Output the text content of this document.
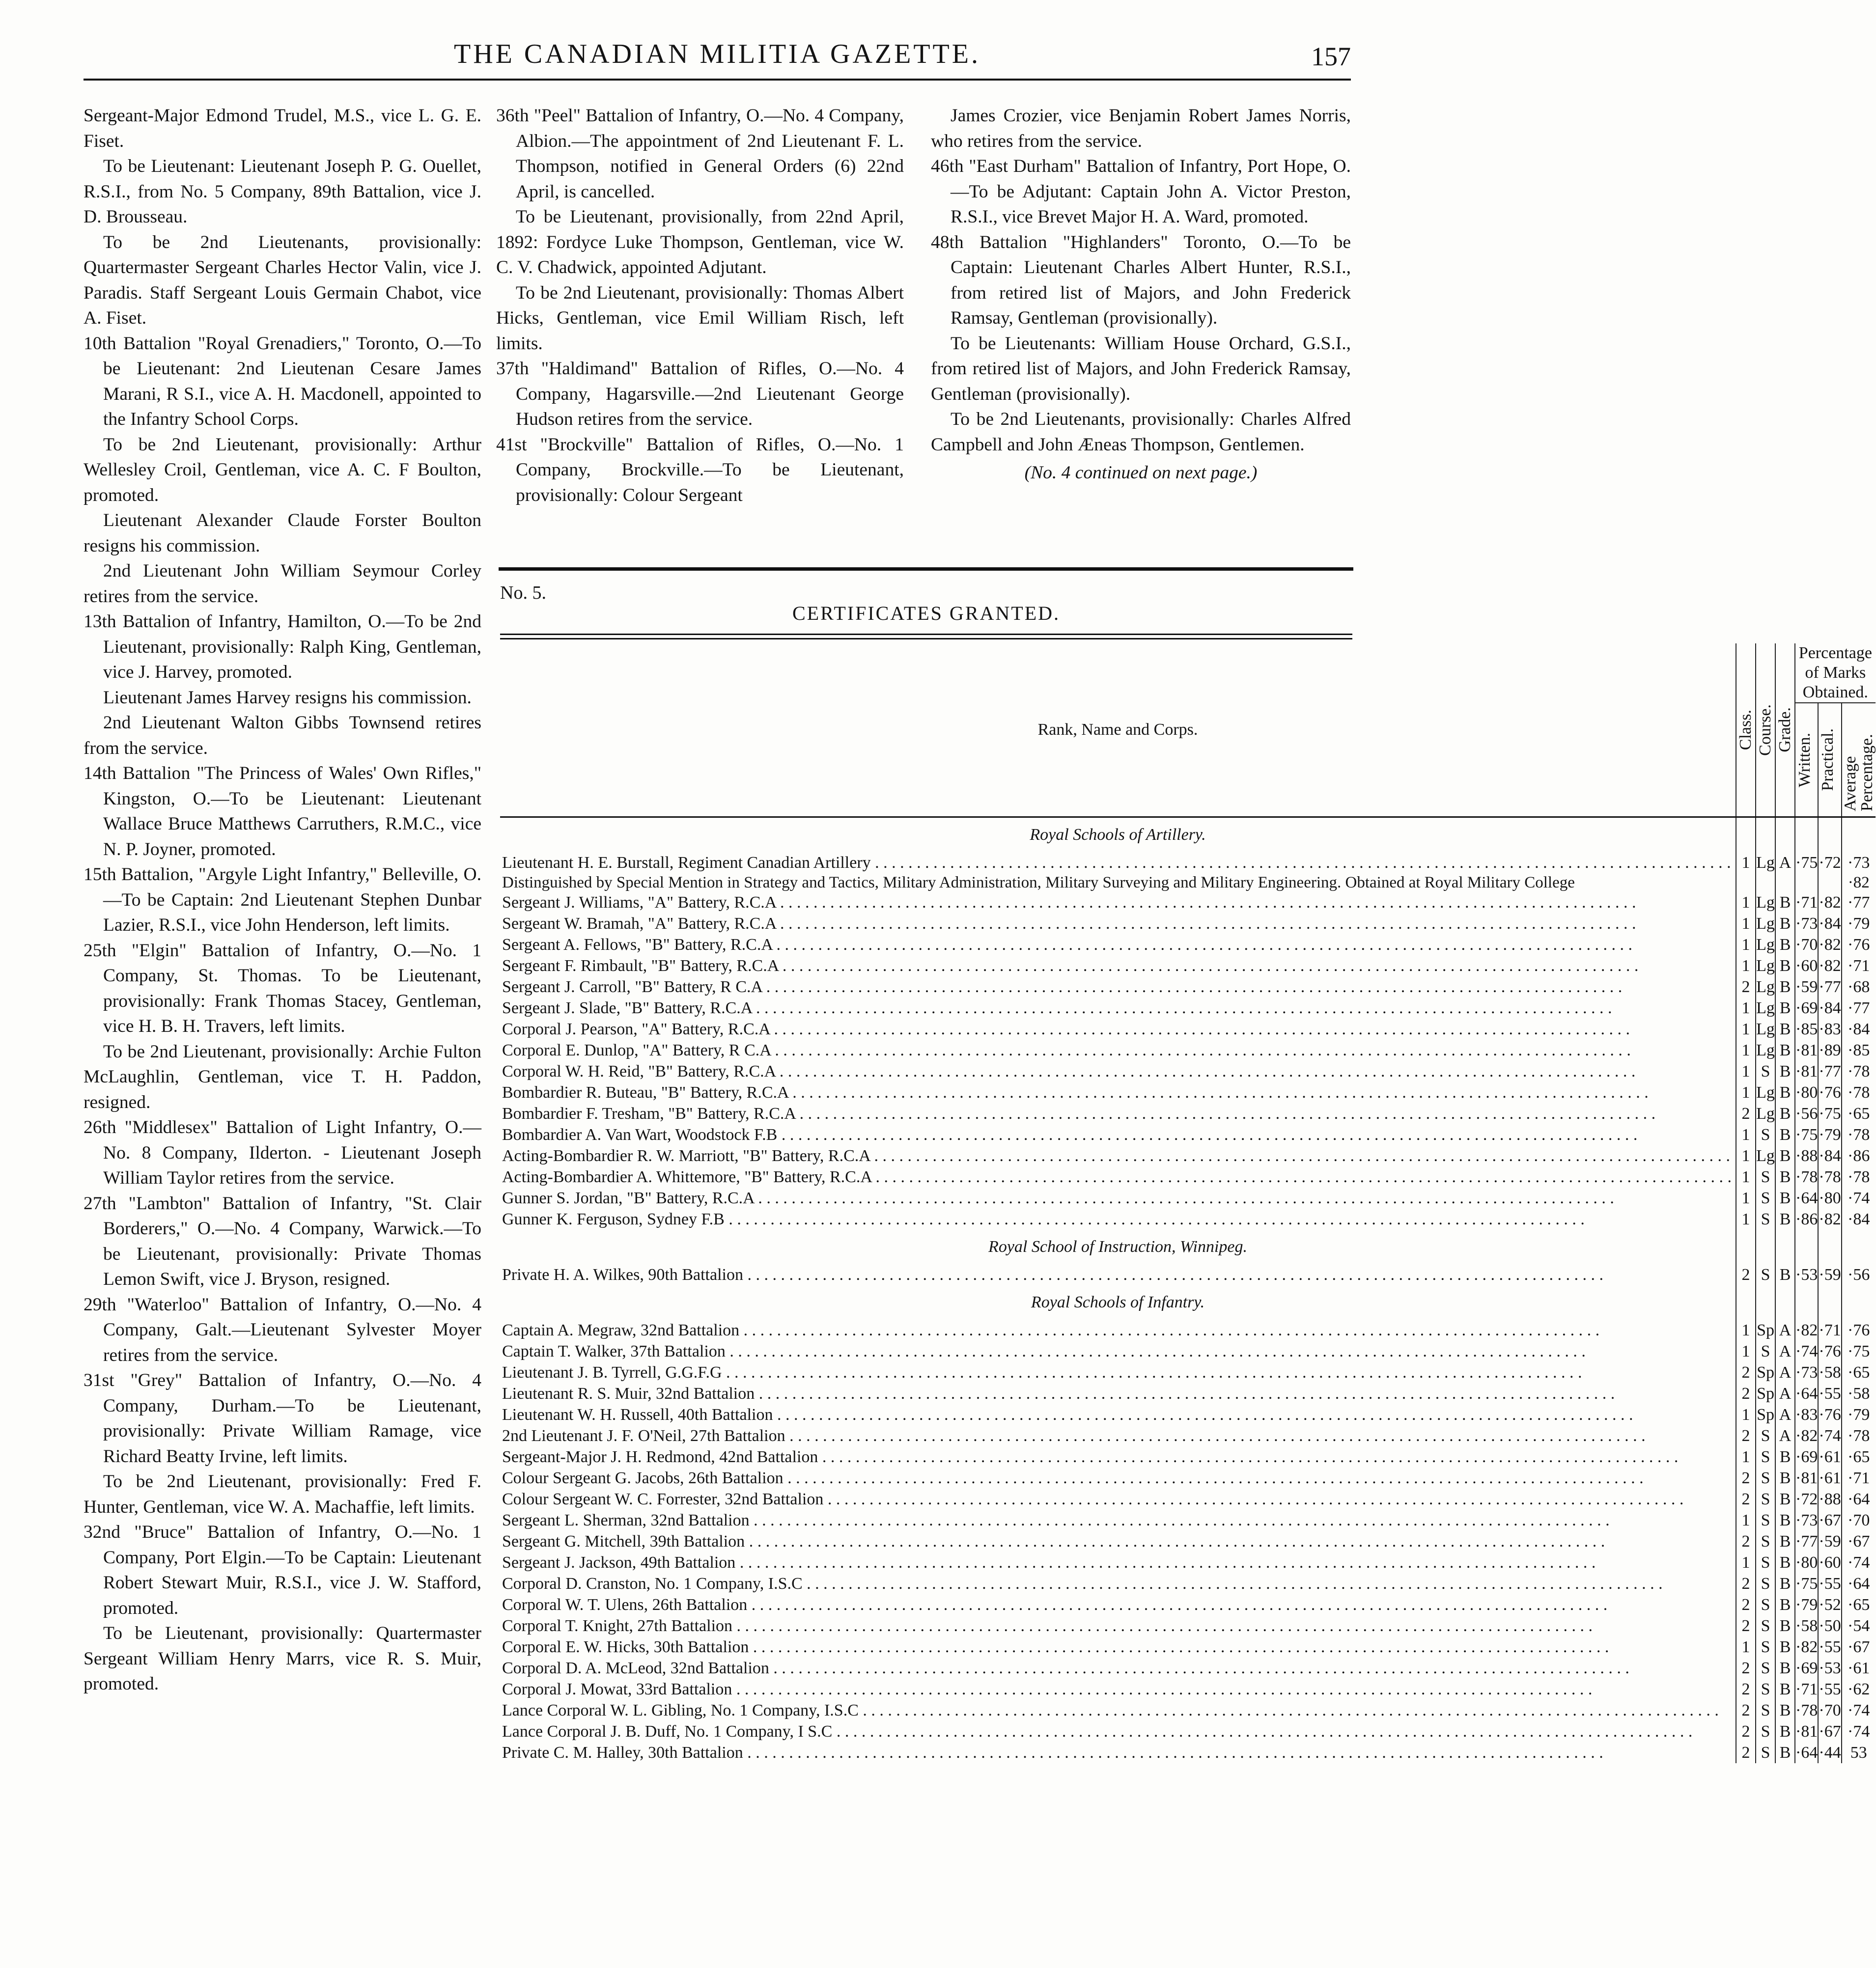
THE CANADIAN MILITIA GAZETTE.	157

Sergeant-Major Edmond Trudel, M.S., vice L. G. E. Fiset.

To be Lieutenant: Lieutenant Joseph P. G. Ouellet, R.S.I., from No. 5 Company, 89th Battalion, vice J. D. Brousseau.

To be 2nd Lieutenants, provisionally: Quartermaster Sergeant Charles Hector Valin, vice J. Paradis. Staff Sergeant Louis Germain Chabot, vice A. Fiset.

10th Battalion "Royal Grenadiers," Toronto, O.—To be Lieutenant: 2nd Lieutenan Cesare James Marani, R S.I., vice A. H. Macdonell, appointed to the Infantry School Corps.

To be 2nd Lieutenant, provisionally: Arthur Wellesley Croil, Gentleman, vice A. C. F Boulton, promoted.

Lieutenant Alexander Claude Forster Boulton resigns his commission.

2nd Lieutenant John William Seymour Corley retires from the service.

13th Battalion of Infantry, Hamilton, O.—To be 2nd Lieutenant, provisionally: Ralph King, Gentleman, vice J. Harvey, promoted.

Lieutenant James Harvey resigns his commission.

2nd Lieutenant Walton Gibbs Townsend retires from the service.

14th Battalion "The Princess of Wales' Own Rifles," Kingston, O.—To be Lieutenant: Lieutenant Wallace Bruce Matthews Carruthers, R.M.C., vice N. P. Joyner, promoted.

15th Battalion, "Argyle Light Infantry," Belleville, O.—To be Captain: 2nd Lieutenant Stephen Dunbar Lazier, R.S.I., vice John Henderson, left limits.

25th "Elgin" Battalion of Infantry, O.—No. 1 Company, St. Thomas. To be Lieutenant, provisionally: Frank Thomas Stacey, Gentleman, vice H. B. H. Travers, left limits.

To be 2nd Lieutenant, provisionally: Archie Fulton McLaughlin, Gentleman, vice T. H. Paddon, resigned.

26th "Middlesex" Battalion of Light Infantry, O.—No. 8 Company, Ilderton. - Lieutenant Joseph William Taylor retires from the service.

27th "Lambton" Battalion of Infantry, "St. Clair Borderers," O.—No. 4 Company, Warwick.—To be Lieutenant, provisionally: Private Thomas Lemon Swift, vice J. Bryson, resigned.

29th "Waterloo" Battalion of Infantry, O.—No. 4 Company, Galt.—Lieutenant Sylvester Moyer retires from the service.

31st "Grey" Battalion of Infantry, O.—No. 4 Company, Durham.—To be Lieutenant, provisionally: Private William Ramage, vice Richard Beatty Irvine, left limits.

To be 2nd Lieutenant, provisionally: Fred F. Hunter, Gentleman, vice W. A. Machaffie, left limits.

32nd "Bruce" Battalion of Infantry, O.—No. 1 Company, Port Elgin.—To be Captain: Lieutenant Robert Stewart Muir, R.S.I., vice J. W. Stafford, promoted.

To be Lieutenant, provisionally: Quartermaster Sergeant William Henry Marrs, vice R. S. Muir, promoted.

36th "Peel" Battalion of Infantry, O.—No. 4 Company, Albion.—The appointment of 2nd Lieutenant F. L. Thompson, notified in General Orders (6) 22nd April, is cancelled.

To be Lieutenant, provisionally, from 22nd April, 1892: Fordyce Luke Thompson, Gentleman, vice W. C. V. Chadwick, appointed Adjutant.

To be 2nd Lieutenant, provisionally: Thomas Albert Hicks, Gentleman, vice Emil William Risch, left limits.

37th "Haldimand" Battalion of Rifles, O.—No. 4 Company, Hagarsville.—2nd Lieutenant George Hudson retires from the service.

41st "Brockville" Battalion of Rifles, O.—No. 1 Company, Brockville.—To be Lieutenant, provisionally: Colour Sergeant

James Crozier, vice Benjamin Robert James Norris, who retires from the service.

46th "East Durham" Battalion of Infantry, Port Hope, O.—To be Adjutant: Captain John A. Victor Preston, R.S.I., vice Brevet Major H. A. Ward, promoted.

48th Battalion "Highlanders" Toronto, O.—To be Captain: Lieutenant Charles Albert Hunter, R.S.I., from retired list of Majors, and John Frederick Ramsay, Gentleman (provisionally).

To be Lieutenants: William House Orchard, G.S.I., from retired list of Majors, and John Frederick Ramsay, Gentleman (provisionally).

To be 2nd Lieutenants, provisionally: Charles Alfred Campbell and John Æneas Thompson, Gentlemen.

(No. 4 continued on next page.)

No. 5.
CERTIFICATES GRANTED.
Rank, Name and Corps.	Class.	Course.	Grade.	Percentage of Marks Obtained.		

				Written.	Practical.	Average Percentage.

Royal Schools of Artillery.						
Lieutenant H. E. Burstall, Regiment Canadian Artillery . . .	1	Lg	A	·75	·72	·73
Distinguished by Special Mention in Strategy and Tactics, Military Administration, Military Surveying and Military Engineering. Obtained at Royal Military College						·82
Sergeant J. Williams, "A" Battery, R.C.A . . .	1	Lg	B	·71	·82	·77
Sergeant W. Bramah, "A" Battery, R.C.A . . .	1	Lg	B	·73	·84	·79
Sergeant A. Fellows, "B" Battery, R.C.A . . .	1	Lg	B	·70	·82	·76
Sergeant F. Rimbault, "B" Battery, R.C.A . . .	1	Lg	B	·60	·82	·71
Sergeant J. Carroll, "B" Battery, R C.A . . .	2	Lg	B	·59	·77	·68
Sergeant J. Slade, "B" Battery, R.C.A . . .	1	Lg	B	·69	·84	·77
Corporal J. Pearson, "A" Battery, R.C.A . . .	1	Lg	B	·85	·83	·84
Corporal E. Dunlop, "A" Battery, R C.A . . .	1	Lg	B	·81	·89	·85
Corporal W. H. Reid, "B" Battery, R.C.A . . .	1	S	B	·81	·77	·78
Bombardier R. Buteau, "B" Battery, R.C.A . . .	1	Lg	B	·80	·76	·78
Bombardier F. Tresham, "B" Battery, R.C.A . . .	2	Lg	B	·56	·75	·65
Bombardier A. Van Wart, Woodstock F.B . . .	1	S	B	·75	·79	·78
Acting-Bombardier R. W. Marriott, "B" Battery, R.C.A . . .	1	Lg	B	·88	·84	·86
Acting-Bombardier A. Whittemore, "B" Battery, R.C.A . . .	1	S	B	·78	·78	·78
Gunner S. Jordan, "B" Battery, R.C.A . . .	1	S	B	·64	·80	·74
Gunner K. Ferguson, Sydney F.B . . .	1	S	B	·86	·82	·84
Royal School of Instruction, Winnipeg.						
Private H. A. Wilkes, 90th Battalion . . .	2	S	B	·53	·59	·56
Royal Schools of Infantry.						
Captain A. Megraw, 32nd Battalion . . .	1	Sp	A	·82	·71	·76
Captain T. Walker, 37th Battalion . . .	1	S	A	·74	·76	·75
Lieutenant J. B. Tyrrell, G.G.F.G . . .	2	Sp	A	·73	·58	·65
Lieutenant R. S. Muir, 32nd Battalion . . .	2	Sp	A	·64	·55	·58
Lieutenant W. H. Russell, 40th Battalion . . .	1	Sp	A	·83	·76	·79
2nd Lieutenant J. F. O'Neil, 27th Battalion . . .	2	S	A	·82	·74	·78
Sergeant-Major J. H. Redmond, 42nd Battalion . . .	1	S	B	·69	·61	·65
Colour Sergeant G. Jacobs, 26th Battalion . . .	2	S	B	·81	·61	·71
Colour Sergeant W. C. Forrester, 32nd Battalion . . .	2	S	B	·72	·88	·64
Sergeant L. Sherman, 32nd Battalion . . .	1	S	B	·73	·67	·70
Sergeant G. Mitchell, 39th Battalion . . .	2	S	B	·77	·59	·67
Sergeant J. Jackson, 49th Battalion . . .	1	S	B	·80	·60	·74
Corporal D. Cranston, No. 1 Company, I.S.C . . .	2	S	B	·75	·55	·64
Corporal W. T. Ulens, 26th Battalion . . .	2	S	B	·79	·52	·65
Corporal T. Knight, 27th Battalion . . .	2	S	B	·58	·50	·54
Corporal E. W. Hicks, 30th Battalion . . .	1	S	B	·82	·55	·67
Corporal D. A. McLeod, 32nd Battalion . . .	2	S	B	·69	·53	·61
Corporal J. Mowat, 33rd Battalion . . .	2	S	B	·71	·55	·62
Lance Corporal W. L. Gibling, No. 1 Company, I.S.C . . .	2	S	B	·78	·70	·74
Lance Corporal J. B. Duff, No. 1 Company, I S.C . . .	2	S	B	·81	·67	·74
Private C. M. Halley, 30th Battalion . . .	2	S	B	·64	·44	53
